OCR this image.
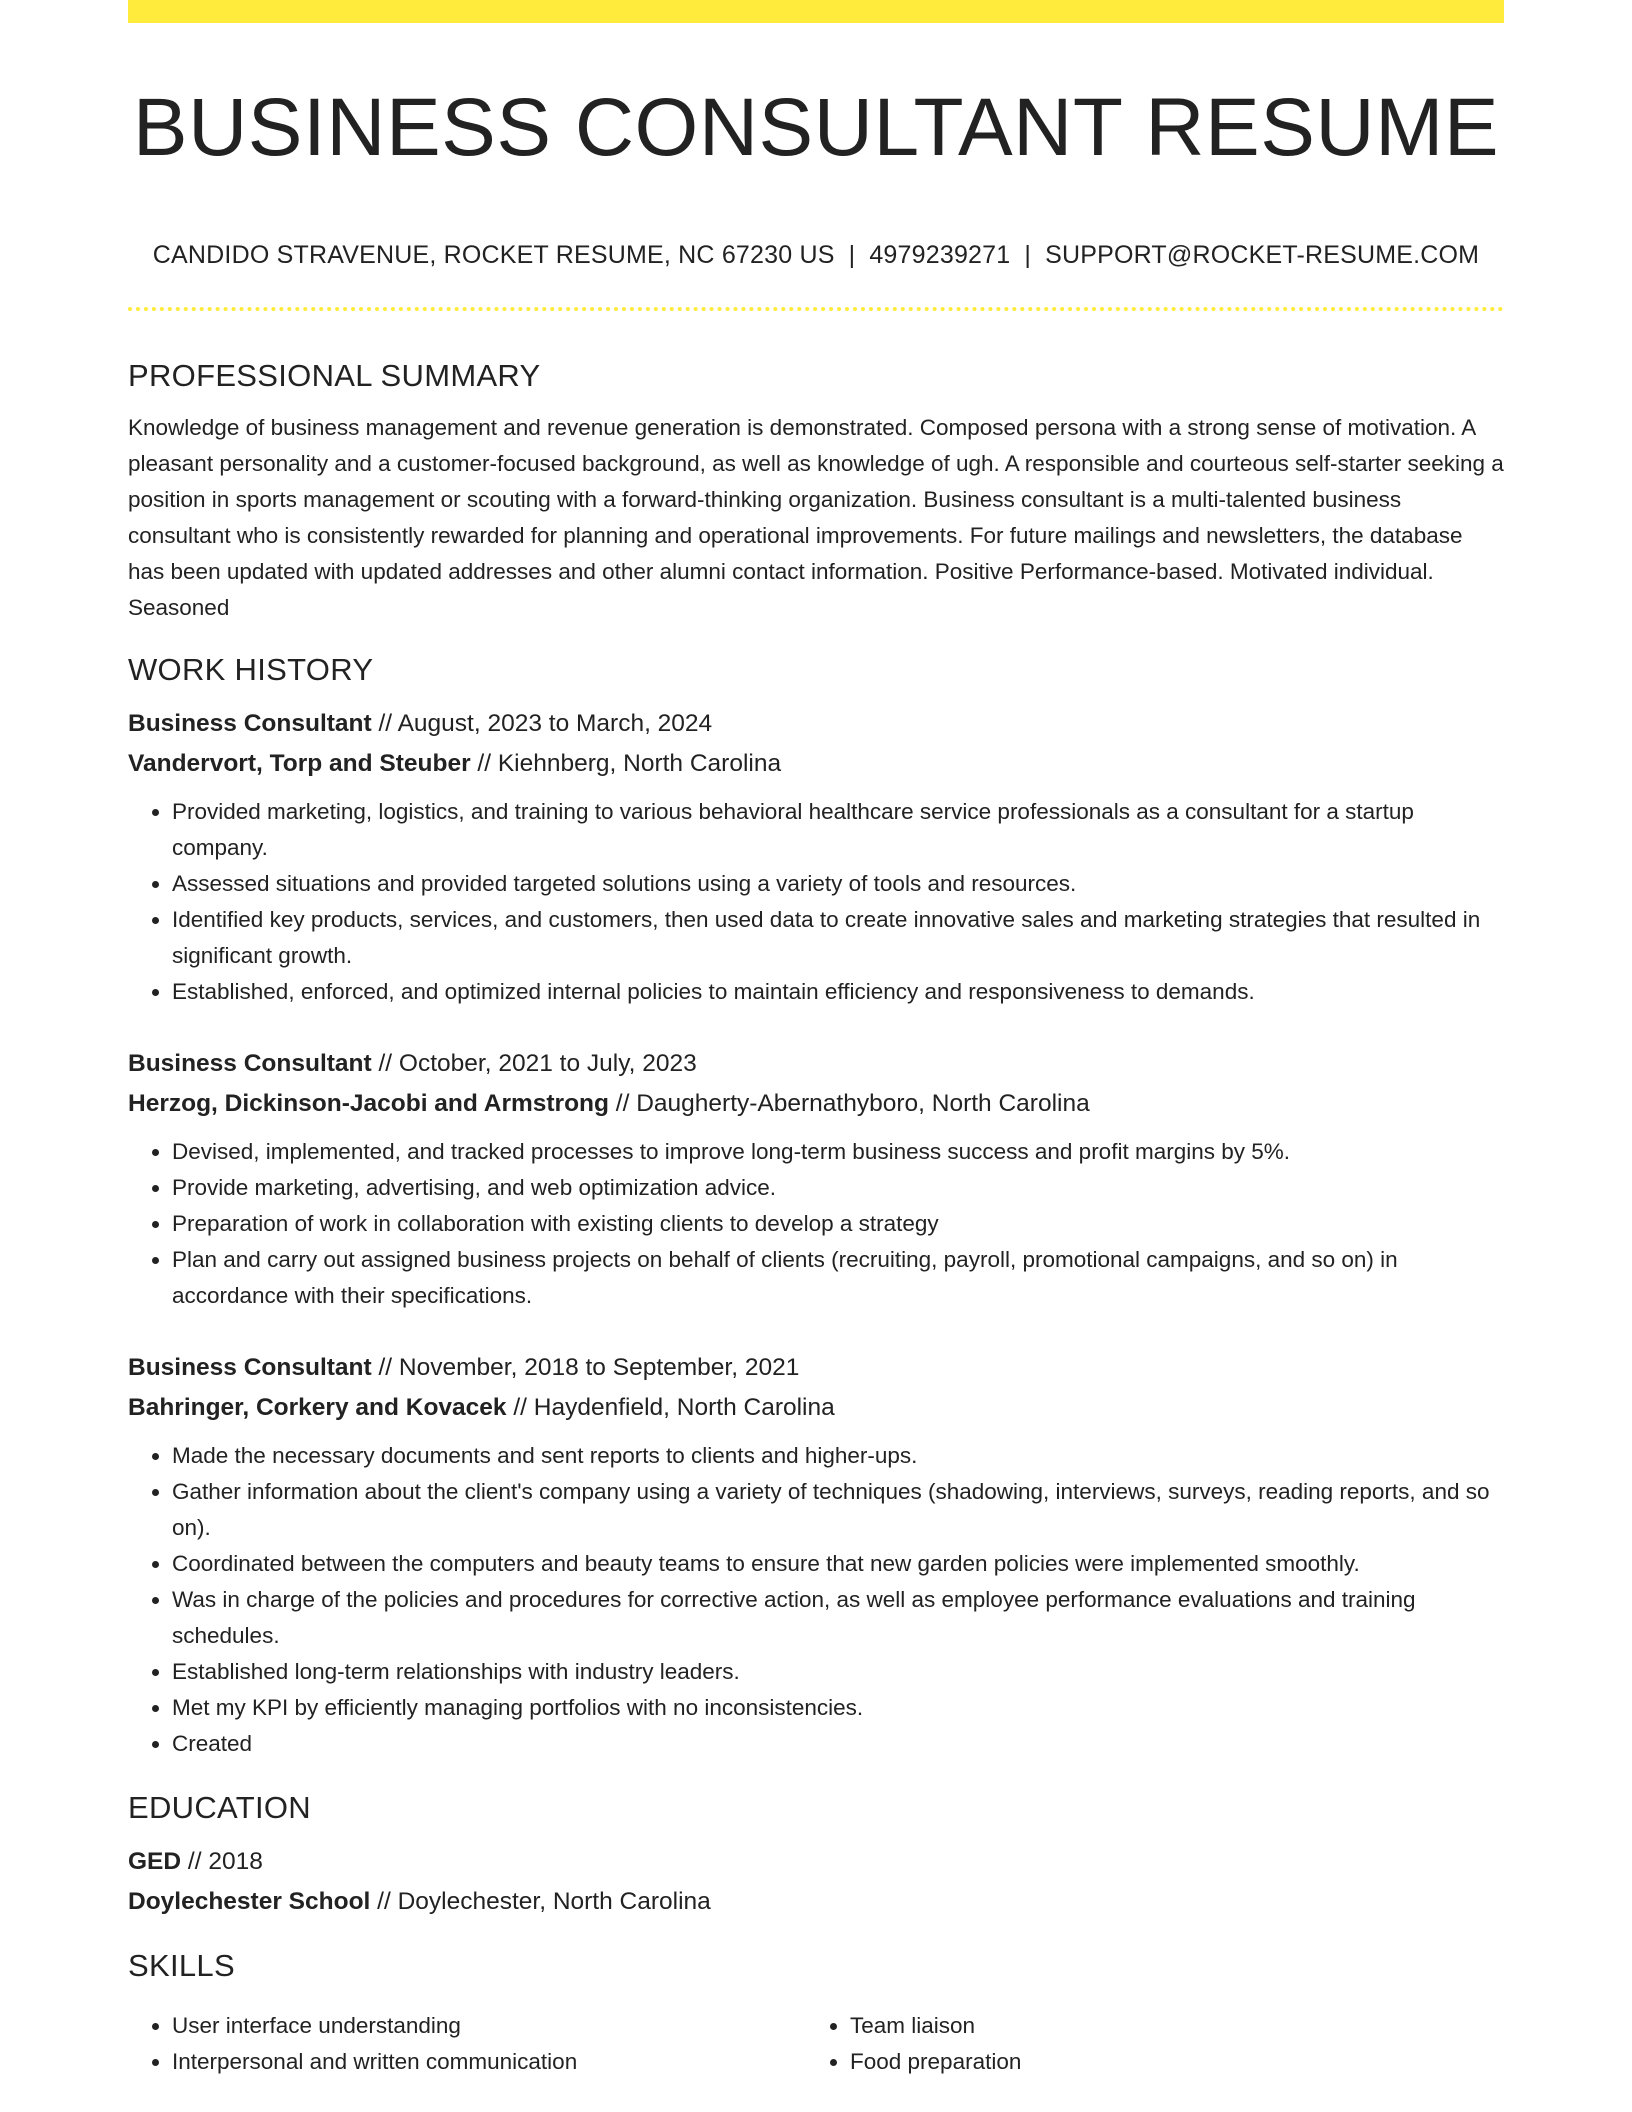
BUSINESS CONSULTANT RESUME
CANDIDO STRAVENUE, ROCKET RESUME, NC 67230 US | 4979239271 | SUPPORT@ROCKET-RESUME.COM
PROFESSIONAL SUMMARY
Knowledge of business management and revenue generation is demonstrated. Composed persona with a strong sense of motivation. A pleasant personality and a customer-focused background, as well as knowledge of ugh. A responsible and courteous self-starter seeking a position in sports management or scouting with a forward-thinking organization. Business consultant is a multi-talented business consultant who is consistently rewarded for planning and operational improvements. For future mailings and newsletters, the database has been updated with updated addresses and other alumni contact information. Positive Performance-based. Motivated individual. Seasoned
WORK HISTORY
Business Consultant // August, 2023 to March, 2024
Vandervort, Torp and Steuber // Kiehnberg, North Carolina
• Provided marketing, logistics, and training to various behavioral healthcare service professionals as a consultant for a startup company.
• Assessed situations and provided targeted solutions using a variety of tools and resources.
• Identified key products, services, and customers, then used data to create innovative sales and marketing strategies that resulted in significant growth.
• Established, enforced, and optimized internal policies to maintain efficiency and responsiveness to demands.
Business Consultant // October, 2021 to July, 2023
Herzog, Dickinson-Jacobi and Armstrong // Daugherty-Abernathyboro, North Carolina
• Devised, implemented, and tracked processes to improve long-term business success and profit margins by 5%.
• Provide marketing, advertising, and web optimization advice.
• Preparation of work in collaboration with existing clients to develop a strategy
• Plan and carry out assigned business projects on behalf of clients (recruiting, payroll, promotional campaigns, and so on) in accordance with their specifications.
Business Consultant // November, 2018 to September, 2021
Bahringer, Corkery and Kovacek // Haydenfield, North Carolina
• Made the necessary documents and sent reports to clients and higher-ups.
• Gather information about the client's company using a variety of techniques (shadowing, interviews, surveys, reading reports, and so on).
• Coordinated between the computers and beauty teams to ensure that new garden policies were implemented smoothly.
• Was in charge of the policies and procedures for corrective action, as well as employee performance evaluations and training schedules.
• Established long-term relationships with industry leaders.
• Met my KPI by efficiently managing portfolios with no inconsistencies.
• Created
EDUCATION
GED // 2018
Doylechester School // Doylechester, North Carolina
SKILLS
• User interface understanding
• Interpersonal and written communication
• Team liaison
• Food preparation
